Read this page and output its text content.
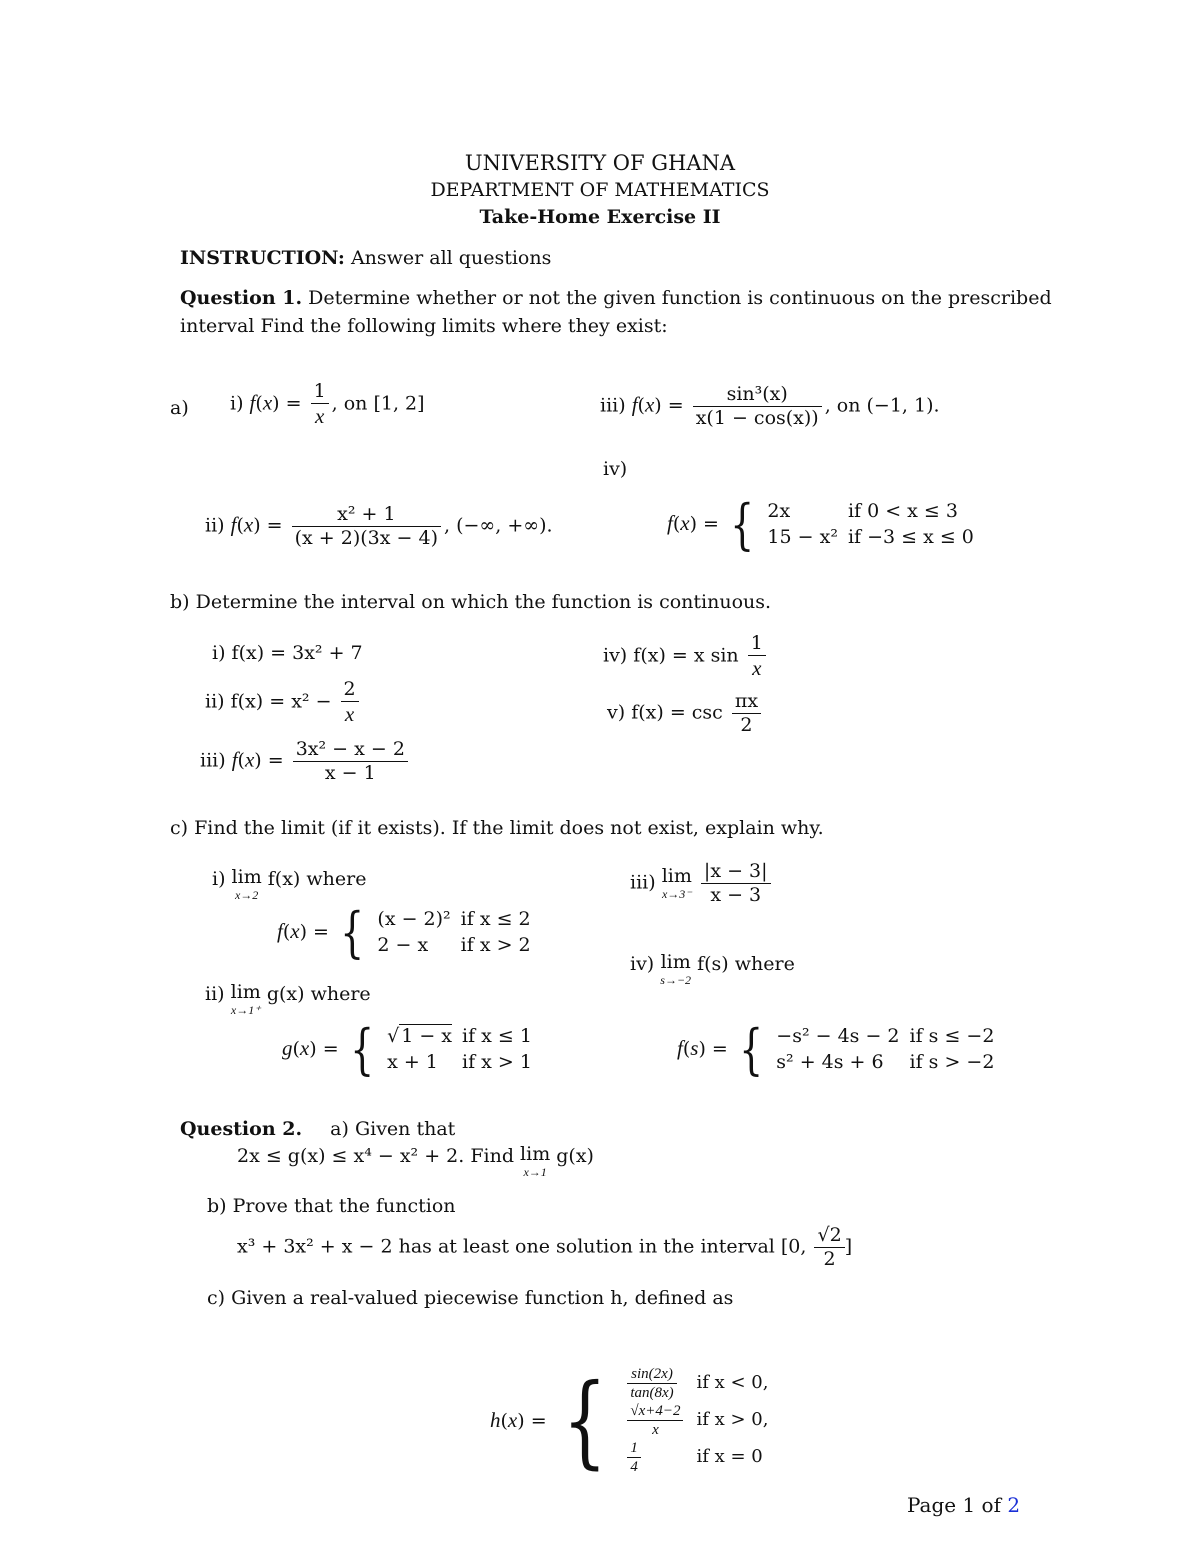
UNIVERSITY OF GHANA
DEPARTMENT OF MATHEMATICS
Take-Home Exercise II
INSTRUCTION: Answer all questions
Question 1. Determine whether or not the given function is continuous on the prescribed
interval Find the following limits where they exist:
a) i) $f(x) = \frac{1}{x}$ , on [1, 2]	iii) $f(x) = \frac{\text{sin³(x)}}{x(1 - \cos(x))}$ , on (−1, 1).
iv)
ii) $f(x) = \frac{\text{x² + 1}}{(x + 2)(3x - 4)}$ , (−∞, +∞).	f(x) = { 2x	if 0 < x ≤ 3
15 − x²	if −3 ≤ x ≤ 0
b) Determine the interval on which the function is continuous.
i) f(x) = 3x² + 7
ii) $f(x) = x^2 - \frac{2}{x}$
iii) $f(x) = \frac{\text{3x² − x − 2}}{x - 1}$
iv) f(x) = x $\sin \frac{1}{x}$
v) $f(x) = \csc \frac{\pi x}{2}$
c) Find the limit (if it exists). If the limit does not exist, explain why.
i) lim
x→2
f(x) where
f(x) = { (x − 2)²	if x ≤ 2
2 − x	if x > 2
ii) lim
x→1⁺
g(x) where
g(x) = { √ 1 − x	if x ≤ 1
x + 1	if x > 1
iii) lim
x→3⁻
$\frac{|x - 3|}{x - 3}$
iv) lim
s→−2
f(s) where
f(s) = { −s² − 4s − 2	if s ≤ −2
s² + 4s + 6	if s > −2
Question 2. a) Given that
2x ≤ g(x) ≤ x⁴ − x² + 2. Find lim
x→1
g(x)
b) Prove that the function
x³ + 3x² + x − 2 has at least one solution in the interval [0, $\frac{√2}{2}$ ]
c) Given a real-valued piecewise function h, defined as
h(x) = { $\frac{\sin(2x)}{\tan(8x)}$	if x < 0,

$\frac{√x+4-2}{x}$	if x > 0,

$\frac{1}{4}$	if x = 0
Page 1 of 2
